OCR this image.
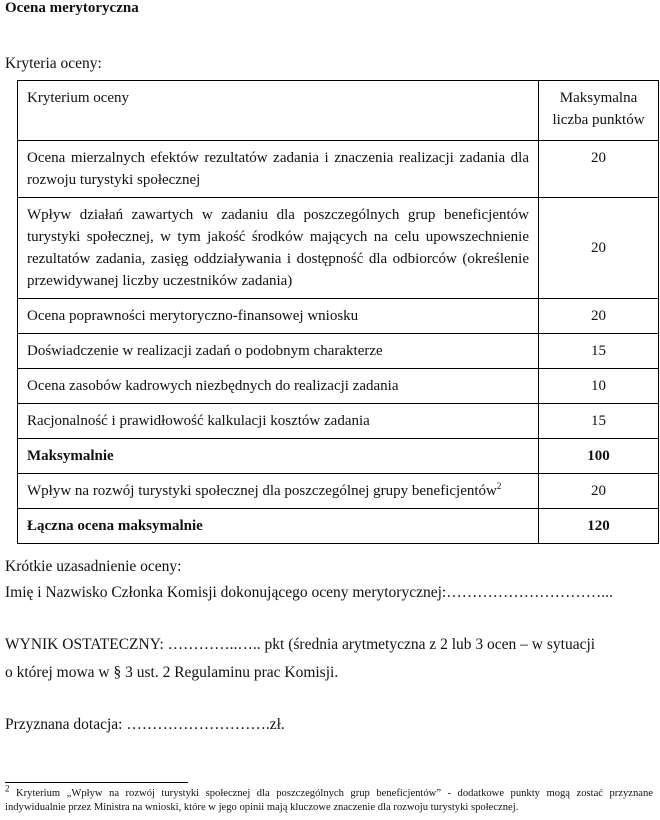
Ocena merytoryczna
Kryteria oceny:
Kryterium oceny	Maksymalna liczba punktów
Ocena mierzalnych efektów rezultatów zadania i znaczenia realizacji zadania dla rozwoju turystyki społecznej	20
Wpływ działań zawartych w zadaniu dla poszczególnych grup beneficjentów turystyki społecznej, w tym jakość środków mających na celu upowszechnienie rezultatów zadania, zasięg oddziaływania i dostępność dla odbiorców (określenie przewidywanej liczby uczestników zadania)	20
Ocena poprawności merytoryczno-finansowej wniosku	20
Doświadczenie w realizacji zadań o podobnym charakterze	15
Ocena zasobów kadrowych niezbędnych do realizacji zadania	10
Racjonalność i prawidłowość kalkulacji kosztów zadania	15
Maksymalnie	100
Wpływ na rozwój turystyki społecznej dla poszczególnej grupy beneficjentów$^2$	20
Łączna ocena maksymalnie	120
Krótkie uzasadnienie oceny:
Imię i Nazwisko Członka Komisji dokonującego oceny merytorycznej:…………………………...
WYNIK OSTATECZNY: …………..….. pkt (średnia arytmetyczna z 2 lub 3 ocen – w sytuacji
o której mowa w § 3 ust. 2 Regulaminu prac Komisji.
Przyznana dotacja: ……………………….zł.
$^2$ Kryterium „Wpływ na rozwój turystyki społecznej dla poszczególnych grup beneficjentów” - dodatkowe punkty mogą zostać przyznane indywidualnie przez Ministra na wnioski, które w jego opinii mają kluczowe znaczenie dla rozwoju turystyki społecznej.
